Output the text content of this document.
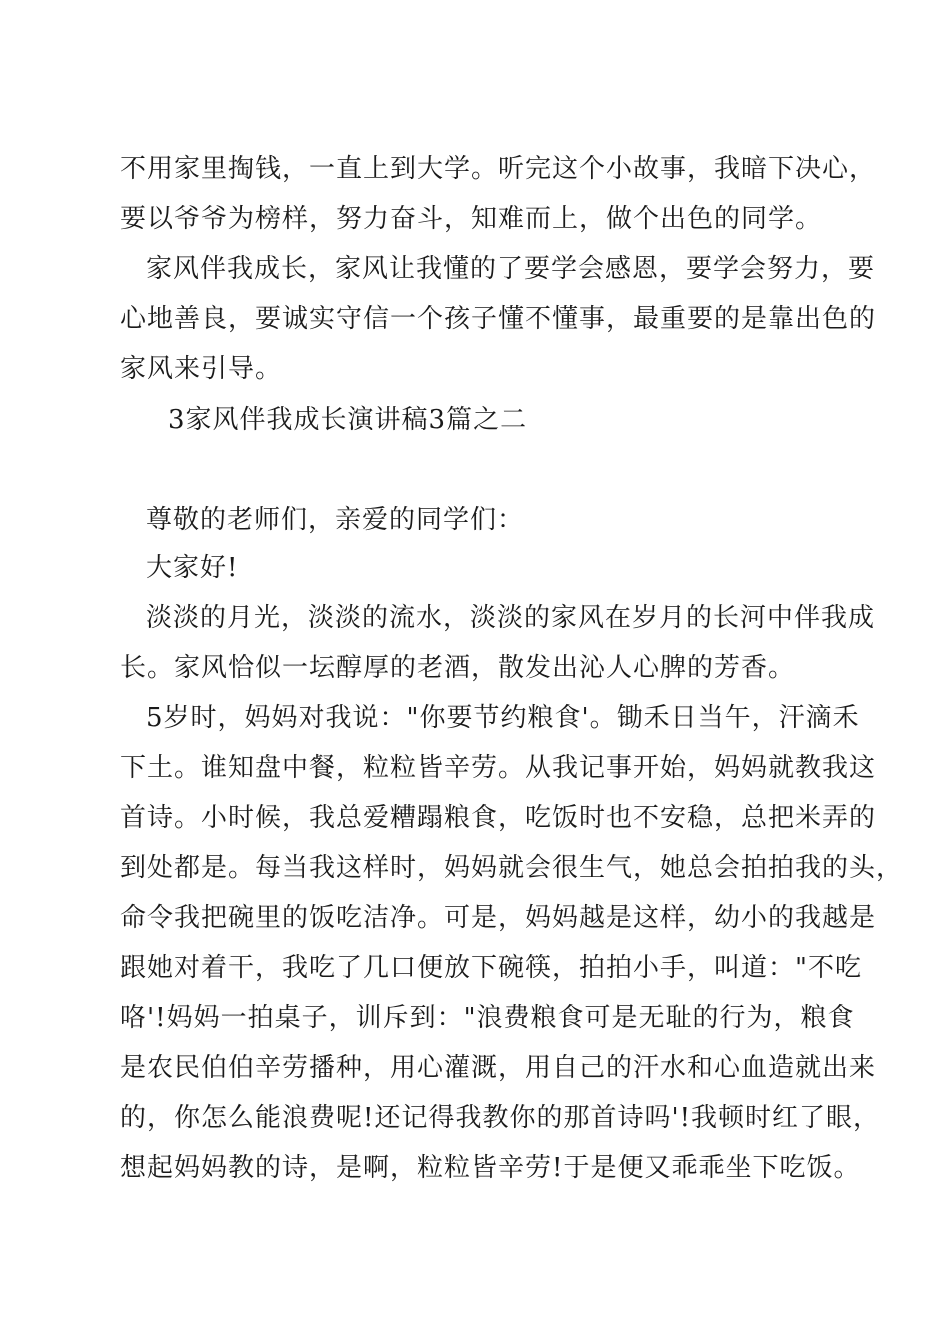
不用家里掏钱，一直上到大学。听完这个小故事，我暗下决心，
要以爷爷为榜样，努力奋斗，知难而上，做个出色的同学。
家风伴我成长，家风让我懂的了要学会感恩，要学会努力，要
心地善良，要诚实守信一个孩子懂不懂事，最重要的是靠出色的
家风来引导。
3家风伴我成长演讲稿3篇之二
尊敬的老师们，亲爱的同学们：
大家好!
淡淡的月光，淡淡的流水，淡淡的家风在岁月的长河中伴我成
长。家风恰似一坛醇厚的老酒，散发出沁人心脾的芳香。
5岁时，妈妈对我说："你要节约粮食'。锄禾日当午，汗滴禾
下土。谁知盘中餐，粒粒皆辛劳。从我记事开始，妈妈就教我这
首诗。小时候，我总爱糟蹋粮食，吃饭时也不安稳，总把米弄的
到处都是。每当我这样时，妈妈就会很生气，她总会拍拍我的头，
命令我把碗里的饭吃洁净。可是，妈妈越是这样，幼小的我越是
跟她对着干，我吃了几口便放下碗筷，拍拍小手，叫道："不吃
咯'!妈妈一拍桌子，训斥到："浪费粮食可是无耻的行为，粮食
是农民伯伯辛劳播种，用心灌溉，用自己的汗水和心血造就出来
的，你怎么能浪费呢!还记得我教你的那首诗吗'!我顿时红了眼，
想起妈妈教的诗，是啊，粒粒皆辛劳!于是便又乖乖坐下吃饭。
